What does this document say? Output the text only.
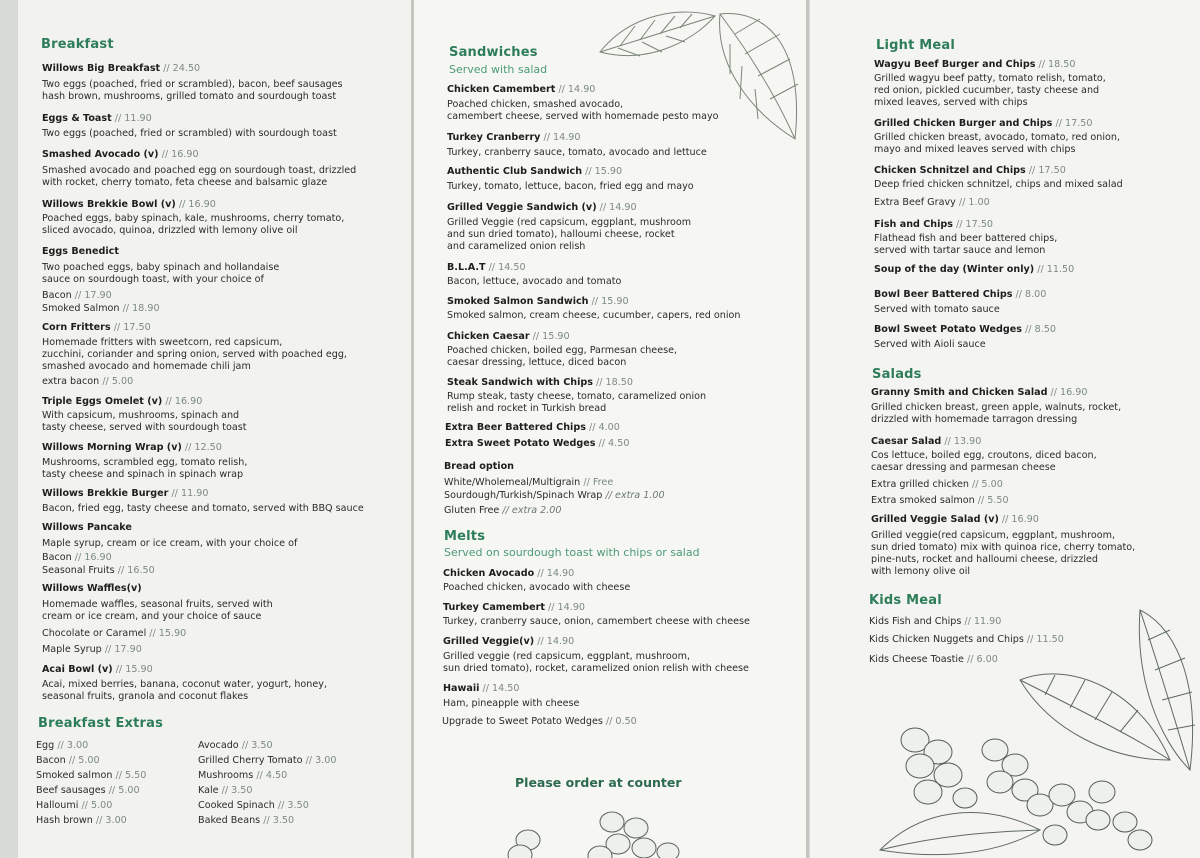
Breakfast
Willows Big Breakfast // 24.50
Two eggs (poached, fried or scrambled), bacon, beef sausages
hash brown, mushrooms, grilled tomato and sourdough toast
Eggs & Toast // 11.90
Two eggs (poached, fried or scrambled) with sourdough toast
Smashed Avocado (v) // 16.90
Smashed avocado and poached egg on sourdough toast, drizzled
with rocket, cherry tomato, feta cheese and balsamic glaze
Willows Brekkie Bowl (v) // 16.90
Poached eggs, baby spinach, kale, mushrooms, cherry tomato,
sliced avocado, quinoa, drizzled with lemony olive oil
Eggs Benedict
Two poached eggs, baby spinach and hollandaise
sauce on sourdough toast, with your choice of
Bacon // 17.90
Smoked Salmon // 18.90
Corn Fritters // 17.50
Homemade fritters with sweetcorn, red capsicum,
zucchini, coriander and spring onion, served with poached egg,
smashed avocado and homemade chili jam
extra bacon // 5.00
Triple Eggs Omelet (v) // 16.90
With capsicum, mushrooms, spinach and
tasty cheese, served with sourdough toast
Willows Morning Wrap (v) // 12.50
Mushrooms, scrambled egg, tomato relish,
tasty cheese and spinach in spinach wrap
Willows Brekkie Burger // 11.90
Bacon, fried egg, tasty cheese and tomato, served with BBQ sauce
Willows Pancake
Maple syrup, cream or ice cream, with your choice of
Bacon // 16.90
Seasonal Fruits // 16.50
Willows Waffles(v)
Homemade waffles, seasonal fruits, served with
cream or ice cream, and your choice of sauce
Chocolate or Caramel // 15.90
Maple Syrup // 17.90
Acai Bowl (v) // 15.90
Acai, mixed berries, banana, coconut water, yogurt, honey,
seasonal fruits, granola and coconut flakes
Breakfast Extras
Egg // 3.00
Bacon // 5.00
Smoked salmon // 5.50
Beef sausages // 5.00
Halloumi // 5.00
Hash brown // 3.00
Avocado // 3.50
Grilled Cherry Tomato // 3.00
Mushrooms // 4.50
Kale // 3.50
Cooked Spinach // 3.50
Baked Beans // 3.50
Sandwiches
Served with salad
Chicken Camembert // 14.90
Poached chicken, smashed avocado,
camembert cheese, served with homemade pesto mayo
Turkey Cranberry // 14.90
Turkey, cranberry sauce, tomato, avocado and lettuce
Authentic Club Sandwich // 15.90
Turkey, tomato, lettuce, bacon, fried egg and mayo
Grilled Veggie Sandwich (v) // 14.90
Grilled Veggie (red capsicum, eggplant, mushroom
and sun dried tomato), halloumi cheese, rocket
and caramelized onion relish
B.L.A.T // 14.50
Bacon, lettuce, avocado and tomato
Smoked Salmon Sandwich // 15.90
Smoked salmon, cream cheese, cucumber, capers, red onion
Chicken Caesar // 15.90
Poached chicken, boiled egg, Parmesan cheese,
caesar dressing, lettuce, diced bacon
Steak Sandwich with Chips // 18.50
Rump steak, tasty cheese, tomato, caramelized onion
relish and rocket in Turkish bread
Extra Beer Battered Chips // 4.00
Extra Sweet Potato Wedges // 4.50
Bread option
White/Wholemeal/Multigrain // Free
Sourdough/Turkish/Spinach Wrap // extra 1.00
Gluten Free // extra 2.00
Melts
Served on sourdough toast with chips or salad
Chicken Avocado // 14.90
Poached chicken, avocado with cheese
Turkey Camembert // 14.90
Turkey, cranberry sauce, onion, camembert cheese with cheese
Grilled Veggie(v) // 14.90
Grilled veggie (red capsicum, eggplant, mushroom,
sun dried tomato), rocket, caramelized onion relish with cheese
Hawaii // 14.50
Ham, pineapple with cheese
Upgrade to Sweet Potato Wedges // 0.50
Please order at counter
Light Meal
Wagyu Beef Burger and Chips // 18.50
Grilled wagyu beef patty, tomato relish, tomato,
red onion, pickled cucumber, tasty cheese and
mixed leaves, served with chips
Grilled Chicken Burger and Chips // 17.50
Grilled chicken breast, avocado, tomato, red onion,
mayo and mixed leaves served with chips
Chicken Schnitzel and Chips // 17.50
Deep fried chicken schnitzel, chips and mixed salad
Extra Beef Gravy // 1.00
Fish and Chips // 17.50
Flathead fish and beer battered chips,
served with tartar sauce and lemon
Soup of the day (Winter only) // 11.50
Bowl Beer Battered Chips // 8.00
Served with tomato sauce
Bowl Sweet Potato Wedges // 8.50
Served with Aioli sauce
Salads
Granny Smith and Chicken Salad // 16.90
Grilled chicken breast, green apple, walnuts, rocket,
drizzled with homemade tarragon dressing
Caesar Salad // 13.90
Cos lettuce, boiled egg, croutons, diced bacon,
caesar dressing and parmesan cheese
Extra grilled chicken // 5.00
Extra smoked salmon // 5.50
Grilled Veggie Salad (v) // 16.90
Grilled veggie(red capsicum, eggplant, mushroom,
sun dried tomato) mix with quinoa rice, cherry tomato,
pine-nuts, rocket and halloumi cheese, drizzled
with lemony olive oil
Kids Meal
Kids Fish and Chips // 11.90
Kids Chicken Nuggets and Chips // 11.50
Kids Cheese Toastie // 6.00
